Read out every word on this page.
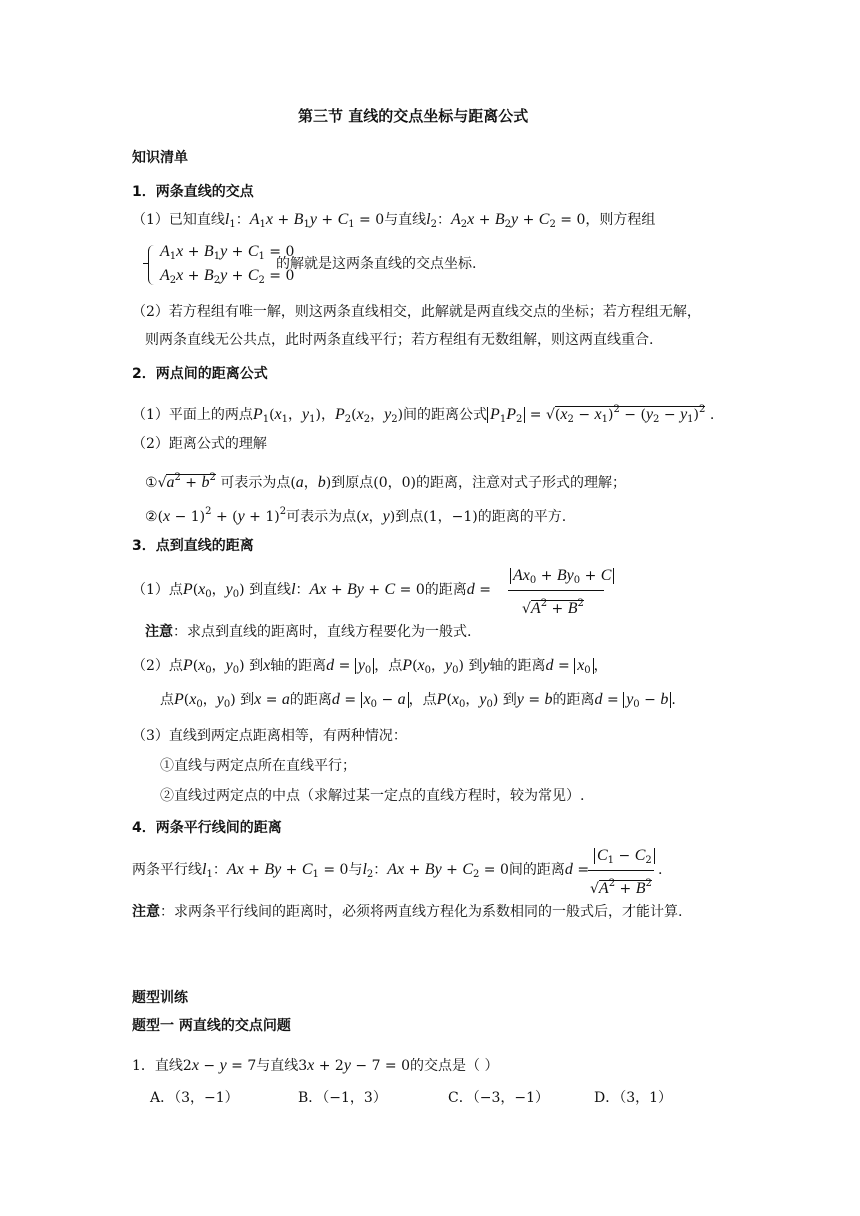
第三节 直线的交点坐标与距离公式
知识清单
1．两条直线的交点
（1）已知直线$l_1$：$A_1x + B_1y + C_1 = 0$与直线$l_2$：$A_2x + B_2y + C_2 = 0$，则方程组
$A_1x + B_1y + C_1 = 0$
$A_2x + B_2y + C_2 = 0$
的解就是这两条直线的交点坐标.
（2）若方程组有唯一解，则这两条直线相交，此解就是两直线交点的坐标；若方程组无解，
则两条直线无公共点，此时两条直线平行；若方程组有无数组解，则这两直线重合.
2．两点间的距离公式
（1）平面上的两点$P_1(x_1$，$y_1$)，$P_2(x_2$，$y_2$)间的距离公式 $P_1P_2 = √(x_2 - x_1)^2 - (y_2 - y_1)^2$ .
（2）距离公式的理解
$①√a^2 + b^2$ 可表示为点(a，b)到原点(0，0)的距离，注意对式子形式的理解；
②(x − $1)^2 + (y + 1)^2$可表示为点(x，y)到点(1，−1)的距离的平方.
3．点到直线的距离
（1）点$P(x_0$，$y_0$) 到直线l：Ax + By + C = 0的距离d =
$Ax_0 + By_0 + C$
$√A^2 + B^2$
注意：求点到直线的距离时，直线方程要化为一般式.
（2）点$P(x_0$，$y_0$) 到x轴的距离$d = y_0$ ，点$P(x_0$，$y_0$) 到y轴的距离$d = x_0$ ，
点$P(x_0$，$y_0$) 到x = a的距离$d = x_0 - a$ ，点$P(x_0$，$y_0$) 到y = b的距离$d = y_0 - b$ .
（3）直线到两定点距离相等，有两种情况：
①直线与两定点所在直线平行；
②直线过两定点的中点（求解过某一定点的直线方程时，较为常见）.
4．两条平行线间的距离
两条平行线$l_1$：$Ax + By + C_1 = 0$与$l_2$：$Ax + By + C_2 = 0$间的距离d =
$C_1 - C_2$
$√A^2 + B^2$
.
注意：求两条平行线间的距离时，必须将两直线方程化为系数相同的一般式后，才能计算.
题型训练
题型一 两直线的交点问题
1．直线2x − y = 7与直线3x + 2y − 7 = 0的交点是（ ）
A．（3，−1）	B．（−1，3）	C．（−3，−1）	D．（3，1）
